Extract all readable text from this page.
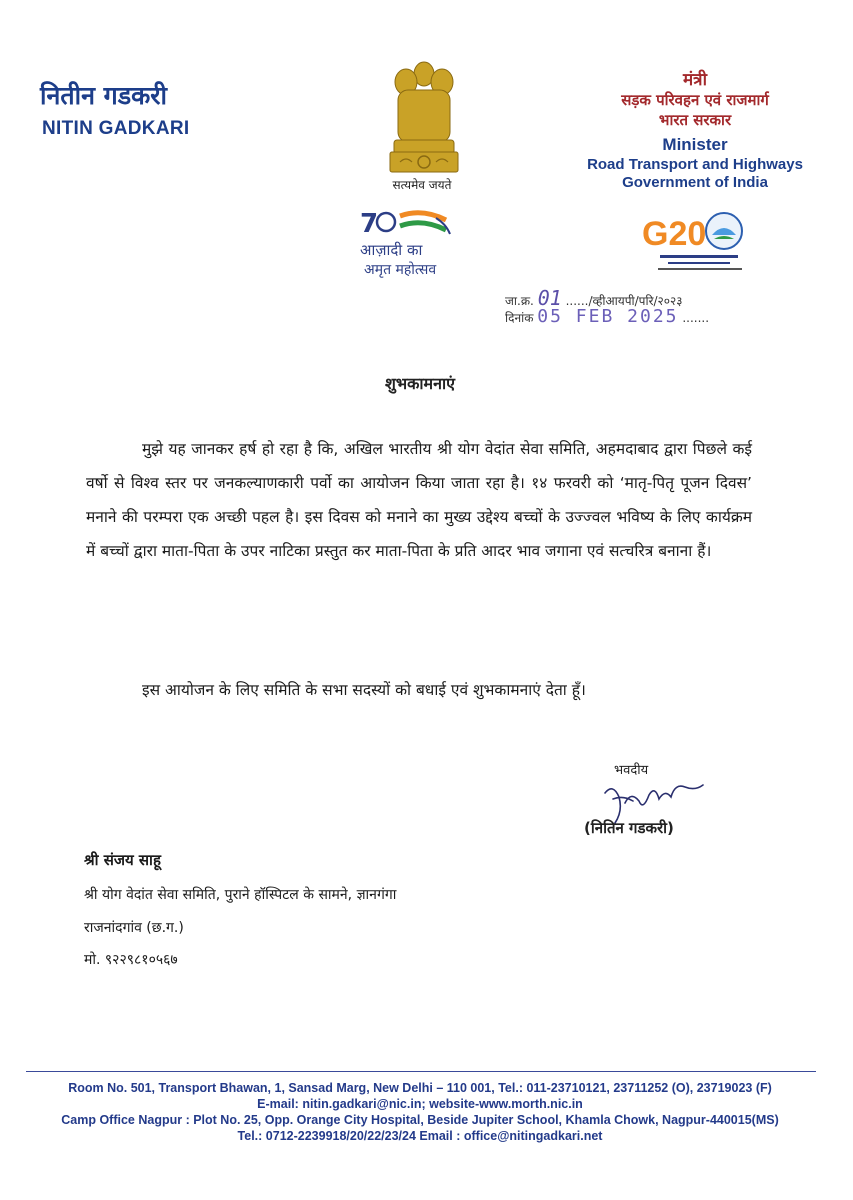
नितीन गडकरी
NITIN GADKARI
सत्यमेव जयते
7
आज़ादी का
अमृत महोत्सव
मंत्री
सड़क परिवहन एवं राजमार्ग
भारत सरकार
Minister
Road Transport and Highways
Government of India
G20
जा.क्र. 01 ....../व्हीआयपी/परि/२०२३
दिनांक 05 FEB 2025 .......
शुभकामनाएं
मुझे यह जानकर हर्ष हो रहा है कि, अखिल भारतीय श्री योग वेदांत सेवा समिति, अहमदाबाद द्वारा पिछले कई वर्षो से विश्व स्तर पर जनकल्याणकारी पर्वो का आयोजन किया जाता रहा है। १४ फरवरी को ‘मातृ-पितृ पूजन दिवस’ मनाने की परम्परा एक अच्छी पहल है। इस दिवस को मनाने का मुख्य उद्देश्य बच्चों के उज्ज्वल भविष्य के लिए कार्यक्रम में बच्चों द्वारा माता-पिता के उपर नाटिका प्रस्तुत कर माता-पिता के प्रति आदर भाव जगाना एवं सत्चरित्र बनाना हैं।
इस आयोजन के लिए समिति के सभा सदस्यों को बधाई एवं शुभकामनाएं देता हूँ।
भवदीय
(नितिन गडकरी)
श्री संजय साहू
श्री योग वेदांत सेवा समिति, पुराने हॉस्पिटल के सामने, ज्ञानगंगा
राजनांदगांव (छ.ग.)
मो. ९२२९८१०५६७
Room No. 501, Transport Bhawan, 1, Sansad Marg, New Delhi – 110 001, Tel.: 011-23710121, 23711252 (O), 23719023 (F)
E-mail: nitin.gadkari@nic.in; website-www.morth.nic.in
Camp Office Nagpur : Plot No. 25, Opp. Orange City Hospital, Beside Jupiter School, Khamla Chowk, Nagpur-440015(MS)
Tel.: 0712-2239918/20/22/23/24 Email : office@nitingadkari.net
